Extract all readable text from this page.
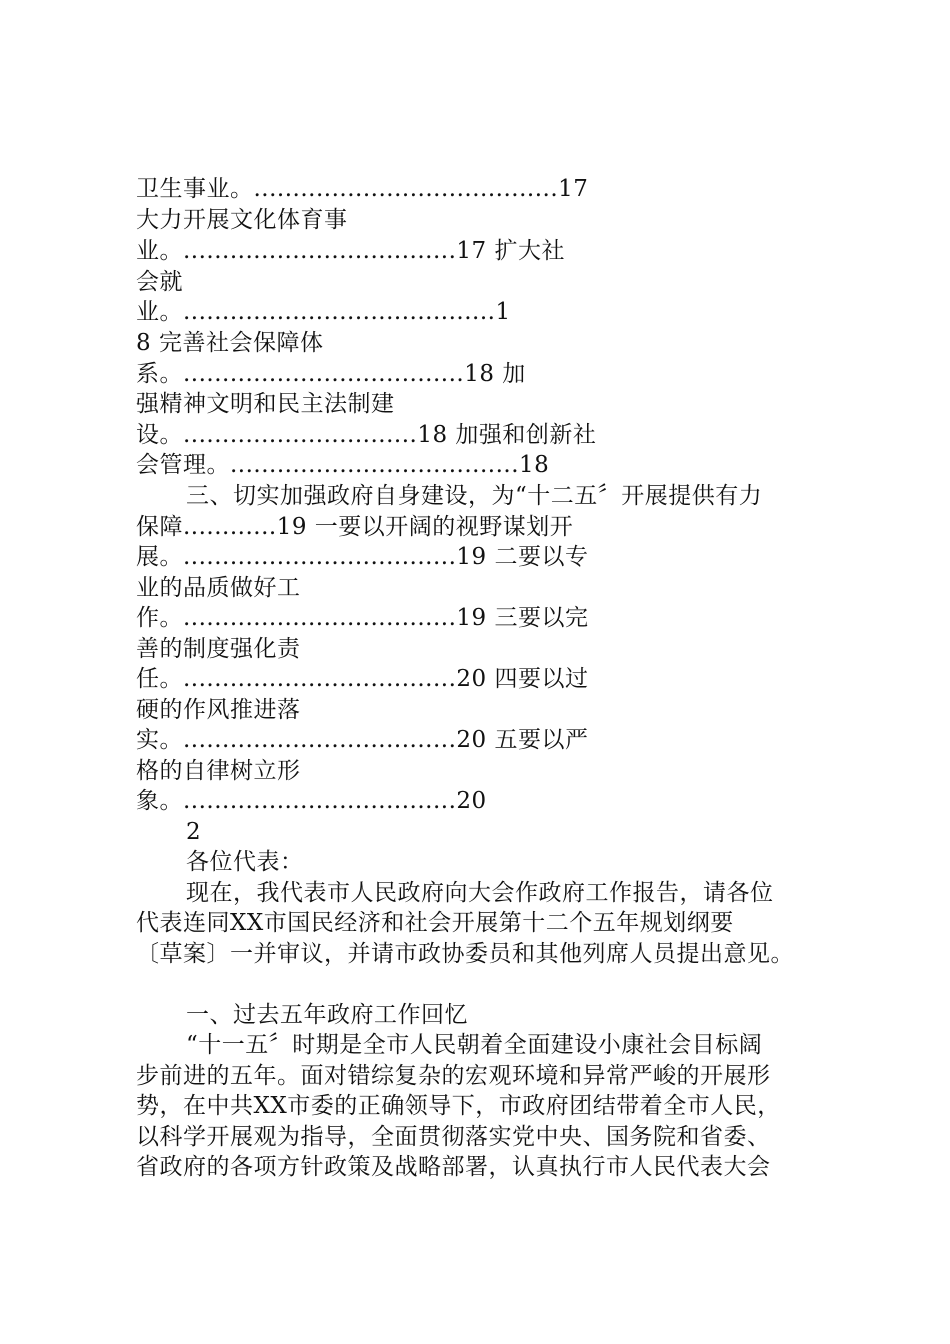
卫生事业。.......................................17
大力开展文化体育事
业。...................................17 扩大社
会就
业。........................................1
8 完善社会保障体
系。....................................18 加
强精神文明和民主法制建
设。..............................18 加强和创新社
会管理。.....................................18
三、切实加强政府自身建设，为“十二五〞开展提供有力
保障............19 一要以开阔的视野谋划开
展。...................................19 二要以专
业的品质做好工
作。...................................19 三要以完
善的制度强化责
任。...................................20 四要以过
硬的作风推进落
实。...................................20 五要以严
格的自律树立形
象。...................................20
2
各位代表：
现在，我代表市人民政府向大会作政府工作报告，请各位
代表连同XX市国民经济和社会开展第十二个五年规划纲要
〔草案〕一并审议，并请市政协委员和其他列席人员提出意见。
一、过去五年政府工作回忆
“十一五〞时期是全市人民朝着全面建设小康社会目标阔
步前进的五年。面对错综复杂的宏观环境和异常严峻的开展形
势，在中共XX市委的正确领导下，市政府团结带着全市人民，
以科学开展观为指导，全面贯彻落实党中央、国务院和省委、
省政府的各项方针政策及战略部署，认真执行市人民代表大会
